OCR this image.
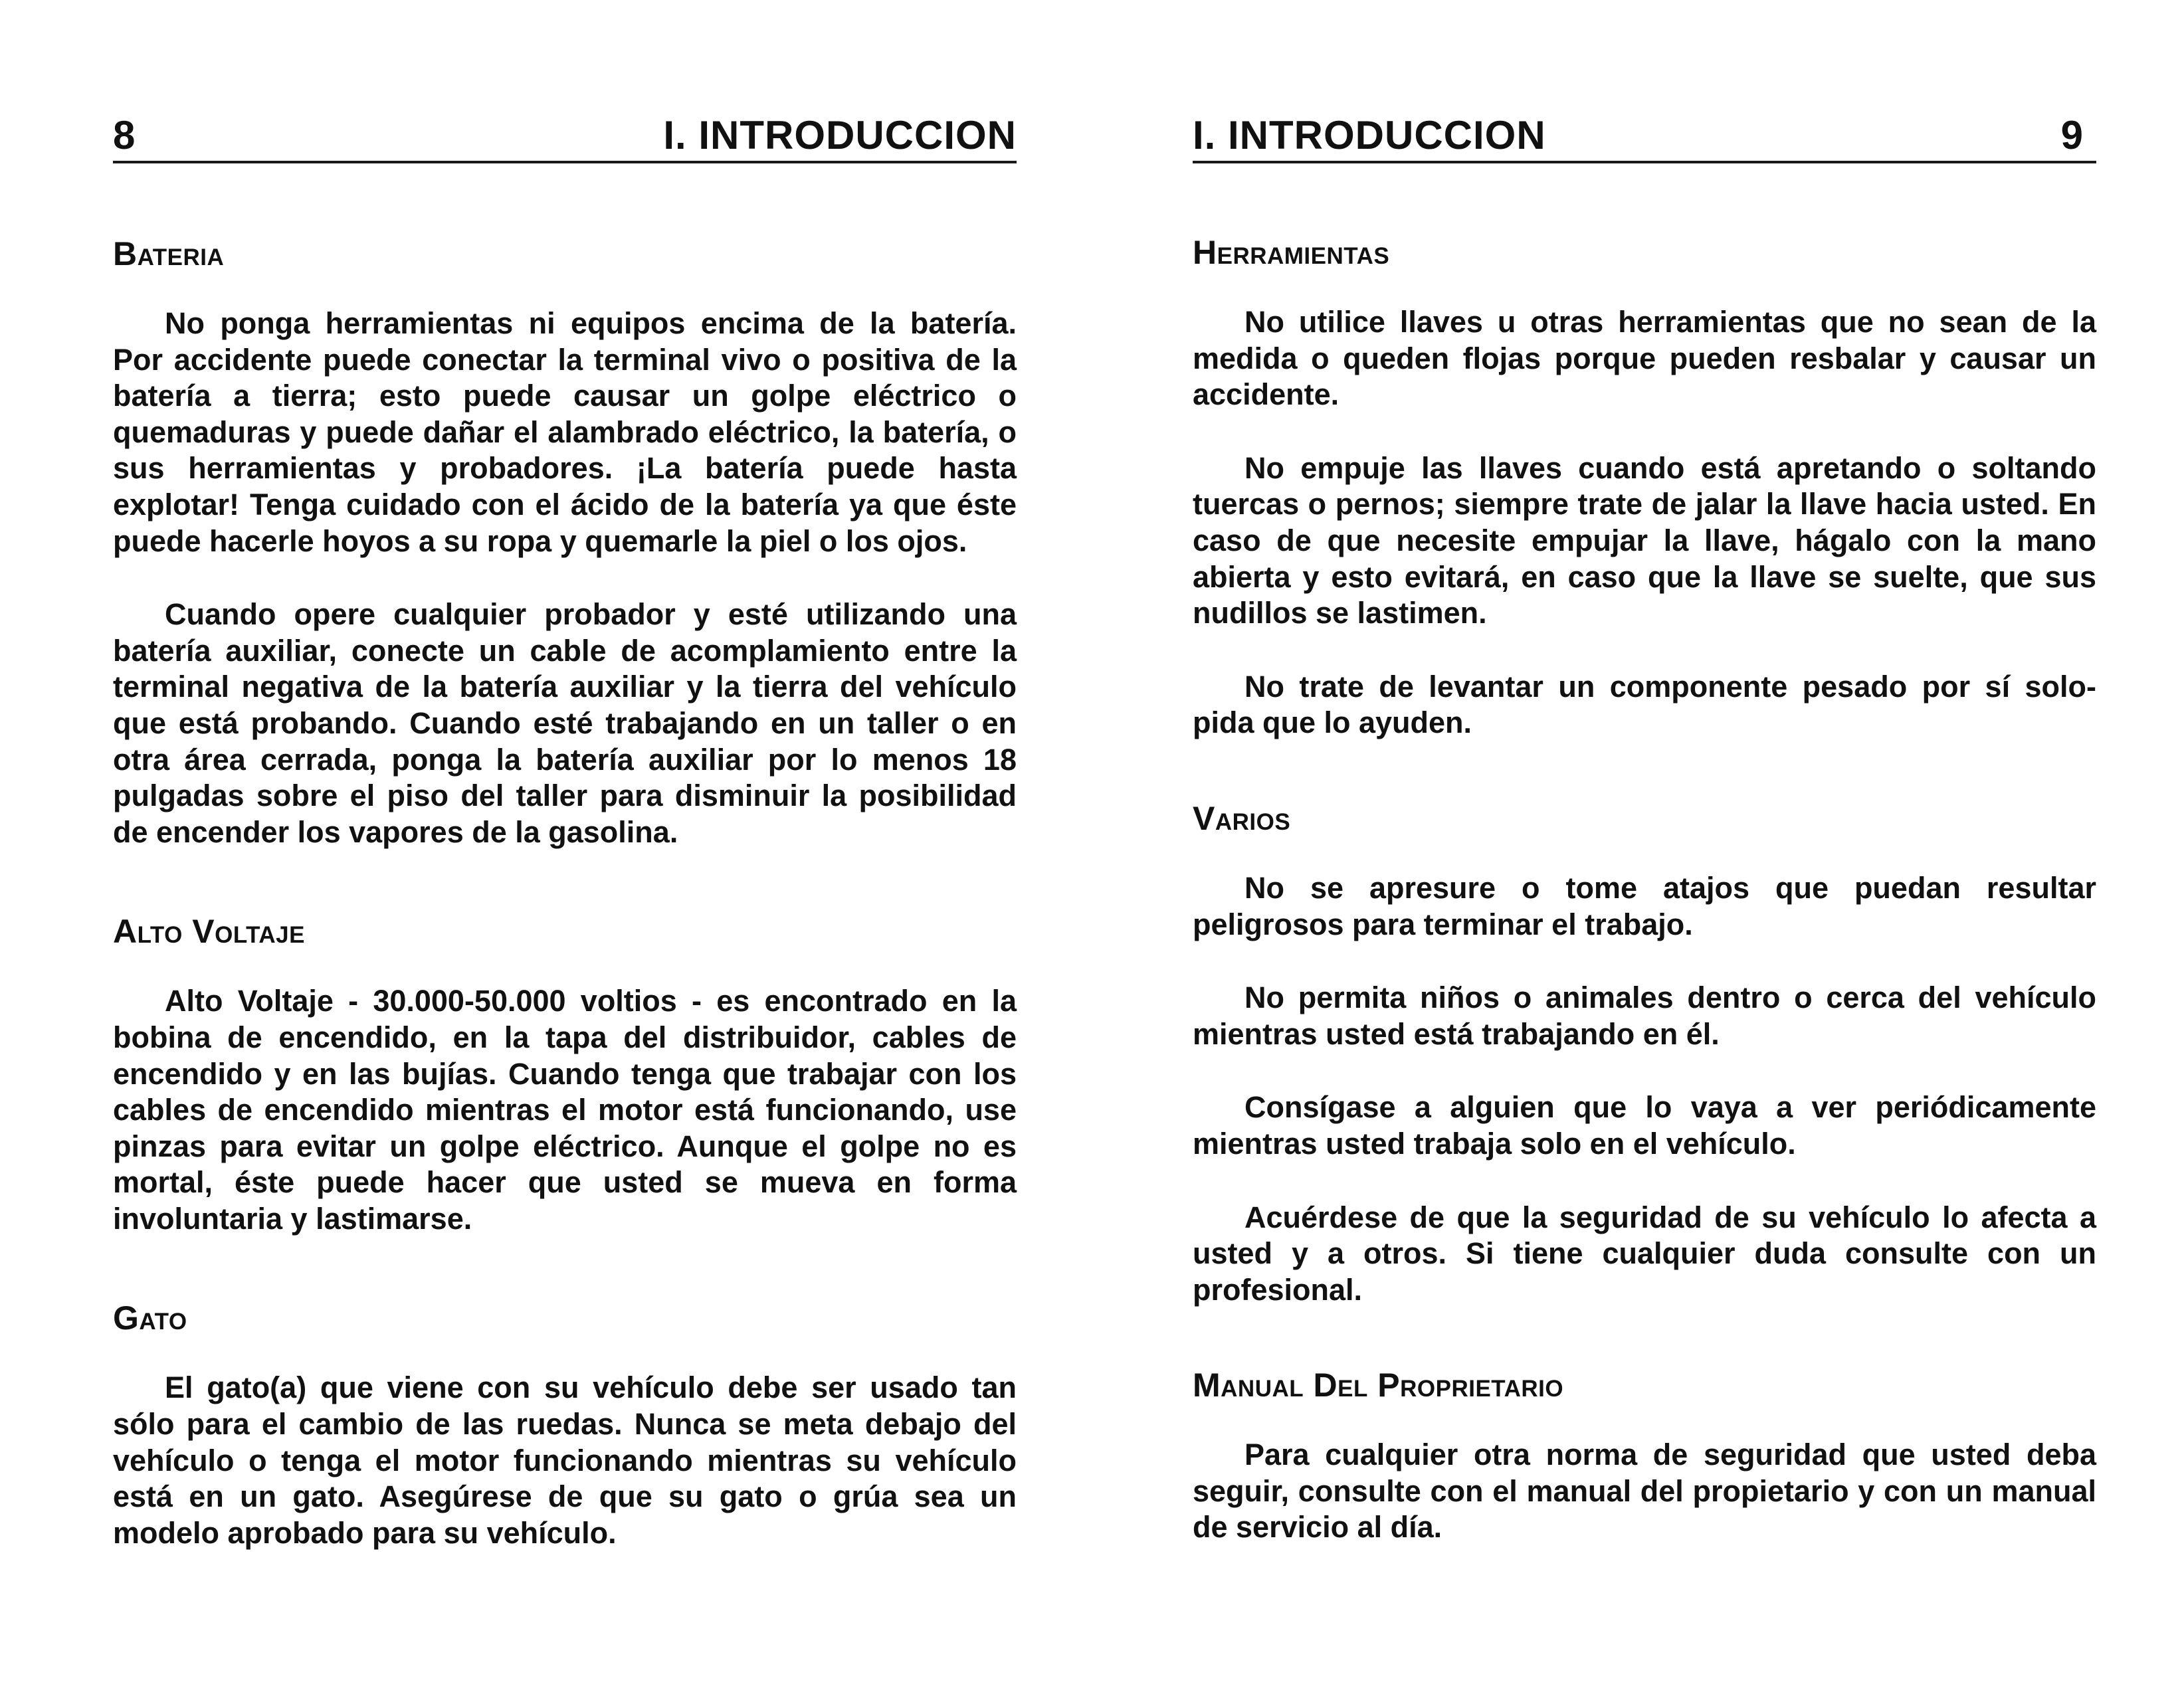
8	I. INTRODUCCION
Bateria

No ponga herramientas ni equipos encima de la batería. Por accidente puede conectar la terminal vivo o positiva de la batería a tierra; esto puede causar un golpe eléctrico o quemaduras y puede dañar el alambrado eléctrico, la batería, o sus herramientas y probadores. ¡La batería puede hasta explotar! Tenga cuidado con el ácido de la batería ya que éste puede hacerle hoyos a su ropa y quemarle la piel o los ojos.

Cuando opere cualquier probador y esté utilizando una batería auxiliar, conecte un cable de acomplamiento entre la terminal negativa de la batería auxiliar y la tierra del vehículo que está probando. Cuando esté trabajando en un taller o en otra área cerrada, ponga la batería auxiliar por lo menos 18 pulgadas sobre el piso del taller para disminuir la posibilidad de encender los vapores de la gasolina.

Alto Voltaje

Alto Voltaje - 30.000-50.000 voltios - es encontrado en la bobina de encendido, en la tapa del distribuidor, cables de encendido y en las bujías. Cuando tenga que trabajar con los cables de encendido mientras el motor está funcionando, use pinzas para evitar un golpe eléctrico. Aunque el golpe no es mortal, éste puede hacer que usted se mueva en forma involuntaria y lastimarse.

Gato

El gato(a) que viene con su vehículo debe ser usado tan sólo para el cambio de las ruedas. Nunca se meta debajo del vehículo o tenga el motor funcionando mientras su vehículo está en un gato. Asegúrese de que su gato o grúa sea un modelo aprobado para su vehículo.

I. INTRODUCCION	9
Herramientas

No utilice llaves u otras herramientas que no sean de la medida o queden flojas porque pueden resbalar y causar un accidente.

No empuje las llaves cuando está apretando o soltando tuercas o pernos; siempre trate de jalar la llave hacia usted. En caso de que necesite empujar la llave, hágalo con la mano abierta y esto evitará, en caso que la llave se suelte, que sus nudillos se lastimen.

No trate de levantar un componente pesado por sí solo-pida que lo ayuden.

Varios

No se apresure o tome atajos que puedan resultar peligrosos para terminar el trabajo.

No permita niños o animales dentro o cerca del vehículo mientras usted está trabajando en él.

Consígase a alguien que lo vaya a ver periódicamente mientras usted trabaja solo en el vehículo.

Acuérdese de que la seguridad de su vehículo lo afecta a usted y a otros. Si tiene cualquier duda consulte con un profesional.

Manual Del Proprietario

Para cualquier otra norma de seguridad que usted deba seguir, consulte con el manual del propietario y con un manual de servicio al día.
